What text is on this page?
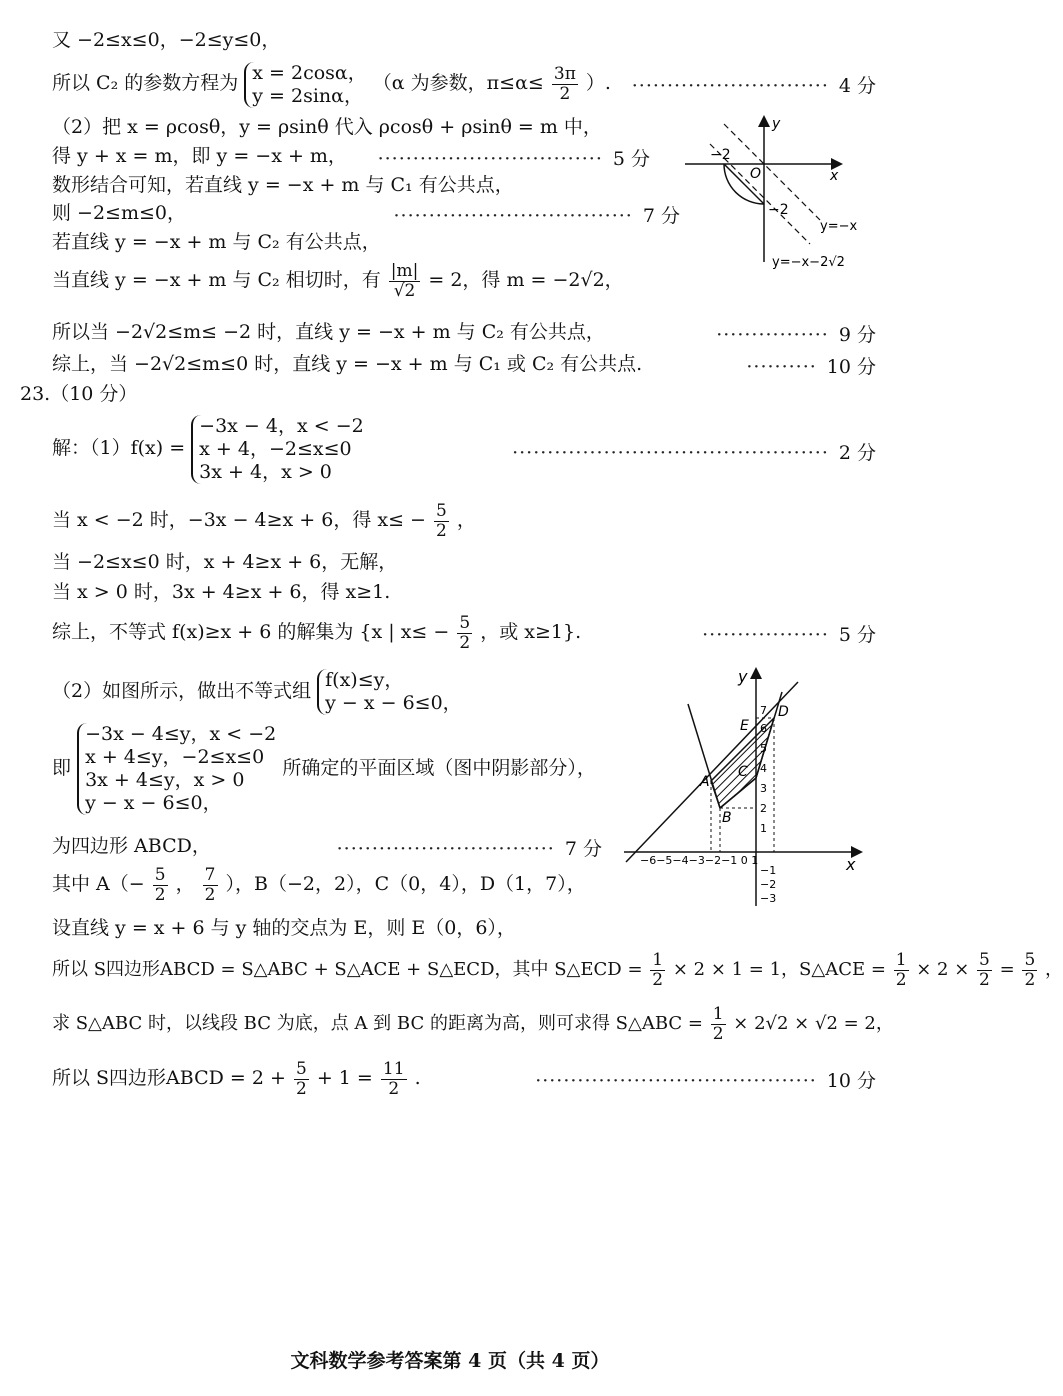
又 −2≤x≤0，−2≤y≤0，
所以 C₂ 的参数方程为 x = 2cosα，
y = 2sinα，
（α 为参数，$\pi\le\alpha\le \frac{3\pi}{2}$ ）. ···························· 4 分
（2）把 x = ρcosθ，y = ρsinθ 代入 ρcosθ + ρsinθ = m 中，
得 y + x = m，即 y = −x + m， ································ 5 分
数形结合可知，若直线 y = −x + m 与 C₁ 有公共点，
则 −2≤m≤0，	·································· 7 分
若直线 y = −x + m 与 C₂ 有公共点，
当直线 y = −x + m 与 C₂ 相切时，有 $\frac{|m|}{√2} = 2$，得 m = −2√2，
所以当 −2√2≤m≤ −2 时，直线 y = −x + m 与 C₂ 有公共点，	················ 9 分
综上，当 −2√2≤m≤0 时，直线 y = −x + m 与 C₁ 或 C₂ 有公共点.	·········· 10 分
23.（10 分）
解：（1）f(x) =
−3x − 4，x < −2
x + 4，−2≤x≤0
3x + 4，x > 0
············································· 2 分
当 x < −2 时，−3x − 4≥x + 6，得 $x\le - \frac{5}{2}$ ，
当 −2≤x≤0 时，x + 4≥x + 6，无解，
当 x > 0 时，3x + 4≥x + 6，得 x≥1.
综上，不等式 f(x)≥x + 6 的解集为 {x | $x\le - \frac{5}{2}$ ，或 x≥1}.	·················· 5 分
（2）如图所示，做出不等式组 f(x)≤y，
y − x − 6≤0，
即
−3x − 4≤y，x < −2
x + 4≤y，−2≤x≤0
3x + 4≤y，x > 0
y − x − 6≤0，
所确定的平面区域（图中阴影部分），
为四边形 ABCD，	······························· 7 分
其中 $A(- \frac{5}{2}$ ， $\frac{7}{2}$ ），B（−2，2），C（0，4），D（1，7），
设直线 y = x + 6 与 y 轴的交点为 E，则 E（0，6），
所以 S四边形ABCD = S△ABC + S△ACE + S△ECD，其中 S△ECD = $\frac{1}{2} \times 2 \times 1 = 1$，S△ACE = $\frac{1}{2} \times 2 \times \frac{5}{2} = \frac{5}{2}$ ，
求 S△ABC 时，以线段 BC 为底，点 A 到 BC 的距离为高，则可求得 S△ABC = $\frac{1}{2} \times 2√2 \times √2 = 2$，
所以 S四边形ABCD = $2 + \frac{5}{2} + 1 = \frac{11}{2}$ .	········································ 10 分
y
x
O
−2
−2
y=−x
y=−x−2√2
y
x
A
B
C
D
E
−6−5−4−3−2−1 0 1
7
6
5
4
3
2
1
−1
−2
−3
文科数学参考答案第 4 页（共 4 页）
